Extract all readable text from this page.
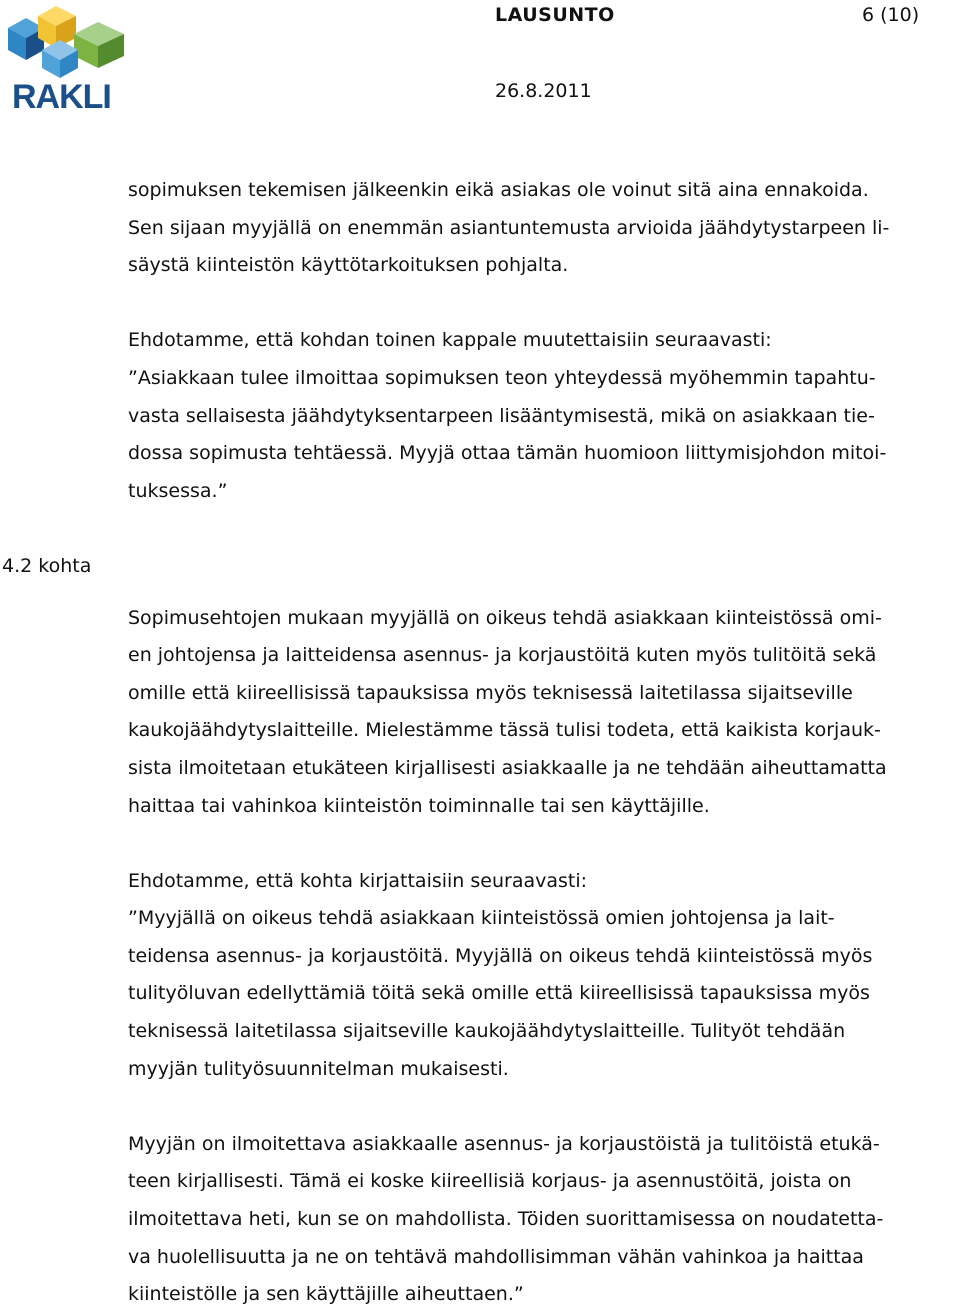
RAKLI
LAUSUNTO	6 (10)
26.8.2011
sopimuksen tekemisen jälkeenkin eikä asiakas ole voinut sitä aina ennakoida.
Sen sijaan myyjällä on enemmän asiantuntemusta arvioida jäähdytystarpeen li-
säystä kiinteistön käyttötarkoituksen pohjalta.
Ehdotamme, että kohdan toinen kappale muutettaisiin seuraavasti:
”Asiakkaan tulee ilmoittaa sopimuksen teon yhteydessä myöhemmin tapahtu-
vasta sellaisesta jäähdytyksentarpeen lisääntymisestä, mikä on asiakkaan tie-
dossa sopimusta tehtäessä. Myyjä ottaa tämän huomioon liittymisjohdon mitoi-
tuksessa.”
4.2 kohta
Sopimusehtojen mukaan myyjällä on oikeus tehdä asiakkaan kiinteistössä omi-
en johtojensa ja laitteidensa asennus- ja korjaustöitä kuten myös tulitöitä sekä
omille että kiireellisissä tapauksissa myös teknisessä laitetilassa sijaitseville
kaukojäähdytyslaitteille. Mielestämme tässä tulisi todeta, että kaikista korjauk-
sista ilmoitetaan etukäteen kirjallisesti asiakkaalle ja ne tehdään aiheuttamatta
haittaa tai vahinkoa kiinteistön toiminnalle tai sen käyttäjille.
Ehdotamme, että kohta kirjattaisiin seuraavasti:
”Myyjällä on oikeus tehdä asiakkaan kiinteistössä omien johtojensa ja lait-
teidensa asennus- ja korjaustöitä. Myyjällä on oikeus tehdä kiinteistössä myös
tulityöluvan edellyttämiä töitä sekä omille että kiireellisissä tapauksissa myös
teknisessä laitetilassa sijaitseville kaukojäähdytyslaitteille. Tulityöt tehdään
myyjän tulityösuunnitelman mukaisesti.
Myyjän on ilmoitettava asiakkaalle asennus- ja korjaustöistä ja tulitöistä etukä-
teen kirjallisesti. Tämä ei koske kiireellisiä korjaus- ja asennustöitä, joista on
ilmoitettava heti, kun se on mahdollista. Töiden suorittamisessa on noudatetta-
va huolellisuutta ja ne on tehtävä mahdollisimman vähän vahinkoa ja haittaa
kiinteistölle ja sen käyttäjille aiheuttaen.”
